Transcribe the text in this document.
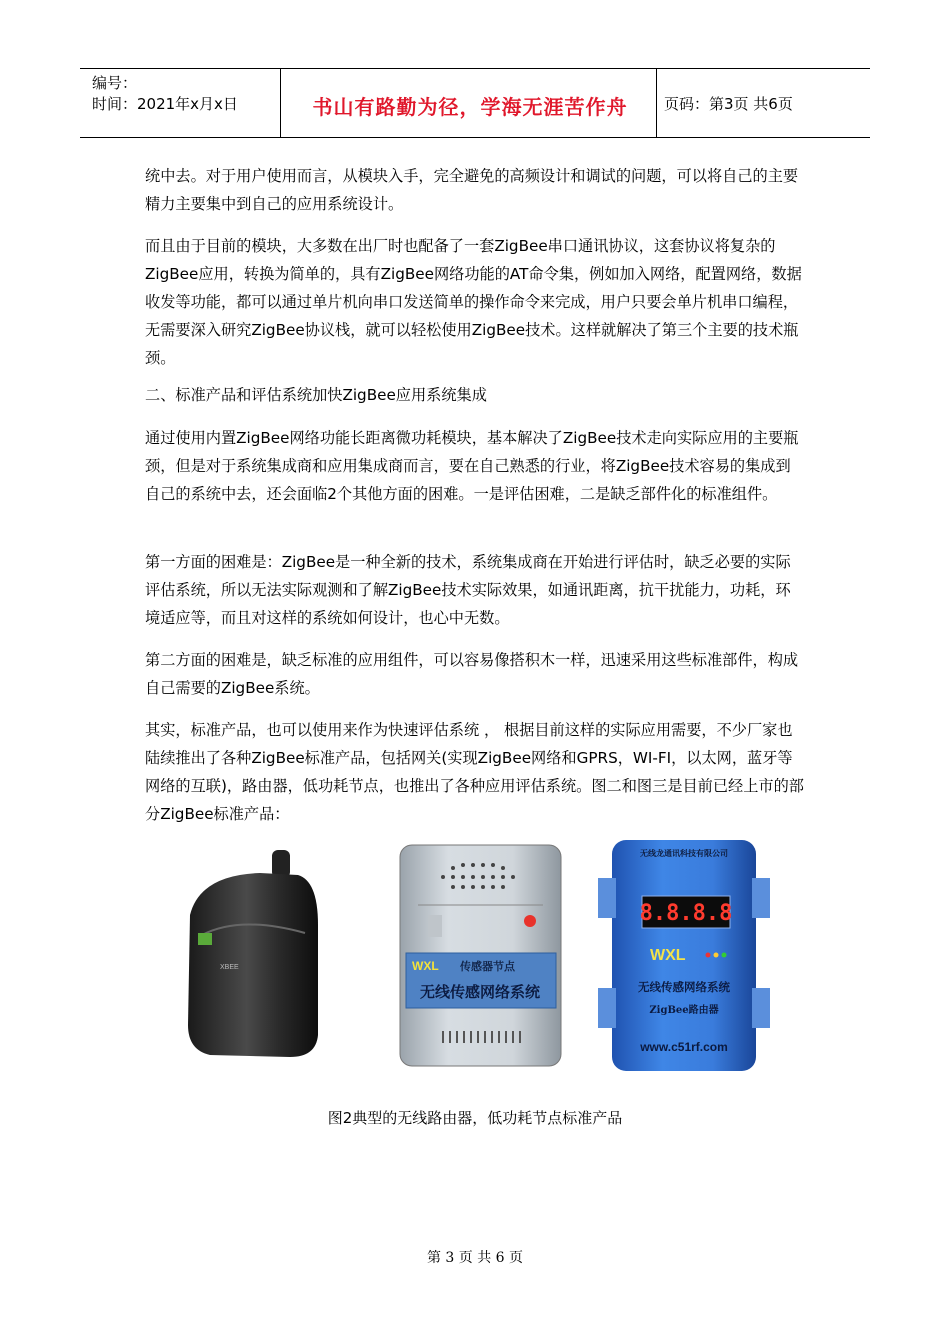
编号：
时间：2021年x月x日	书山有路勤为径，学海无涯苦作舟	页码：第3页 共6页
统中去。对于用户使用而言，从模块入手，完全避免的高频设计和调试的问题，可以将自己的主要精力主要集中到自己的应用系统设计。
而且由于目前的模块，大多数在出厂时也配备了一套ZigBee串口通讯协议，这套协议将复杂的ZigBee应用，转换为简单的，具有ZigBee网络功能的AT命令集，例如加入网络，配置网络，数据收发等功能，都可以通过单片机向串口发送简单的操作命令来完成，用户只要会单片机串口编程，无需要深入研究ZigBee协议栈，就可以轻松使用ZigBee技术。这样就解决了第三个主要的技术瓶颈。
二、标准产品和评估系统加快ZigBee应用系统集成
通过使用内置ZigBee网络功能长距离微功耗模块，基本解决了ZigBee技术走向实际应用的主要瓶颈，但是对于系统集成商和应用集成商而言，要在自己熟悉的行业，将ZigBee技术容易的集成到自己的系统中去，还会面临2个其他方面的困难。一是评估困难，二是缺乏部件化的标准组件。
第一方面的困难是：ZigBee是一种全新的技术，系统集成商在开始进行评估时，缺乏必要的实际评估系统，所以无法实际观测和了解ZigBee技术实际效果，如通讯距离，抗干扰能力，功耗，环境适应等，而且对这样的系统如何设计，也心中无数。
第二方面的困难是，缺乏标准的应用组件，可以容易像搭积木一样，迅速采用这些标准部件，构成自己需要的ZigBee系统。
其实，标准产品，也可以使用来作为快速评估系统 ， 根据目前这样的实际应用需要，不少厂家也陆续推出了各种ZigBee标准产品，包括网关(实现ZigBee网络和GPRS，WI-FI，以太网，蓝牙等网络的互联)，路由器，低功耗节点，也推出了各种应用评估系统。图二和图三是目前已经上市的部分ZigBee标准产品：
XBEE	WXL 传感器节点
无线传感网络系统
无线龙通讯科技有限公司
8.8.8.8
WXL
无线传感网络系统
ZigBee路由器
www.c51rf.com
图2典型的无线路由器，低功耗节点标准产品
第 3 页 共 6 页
